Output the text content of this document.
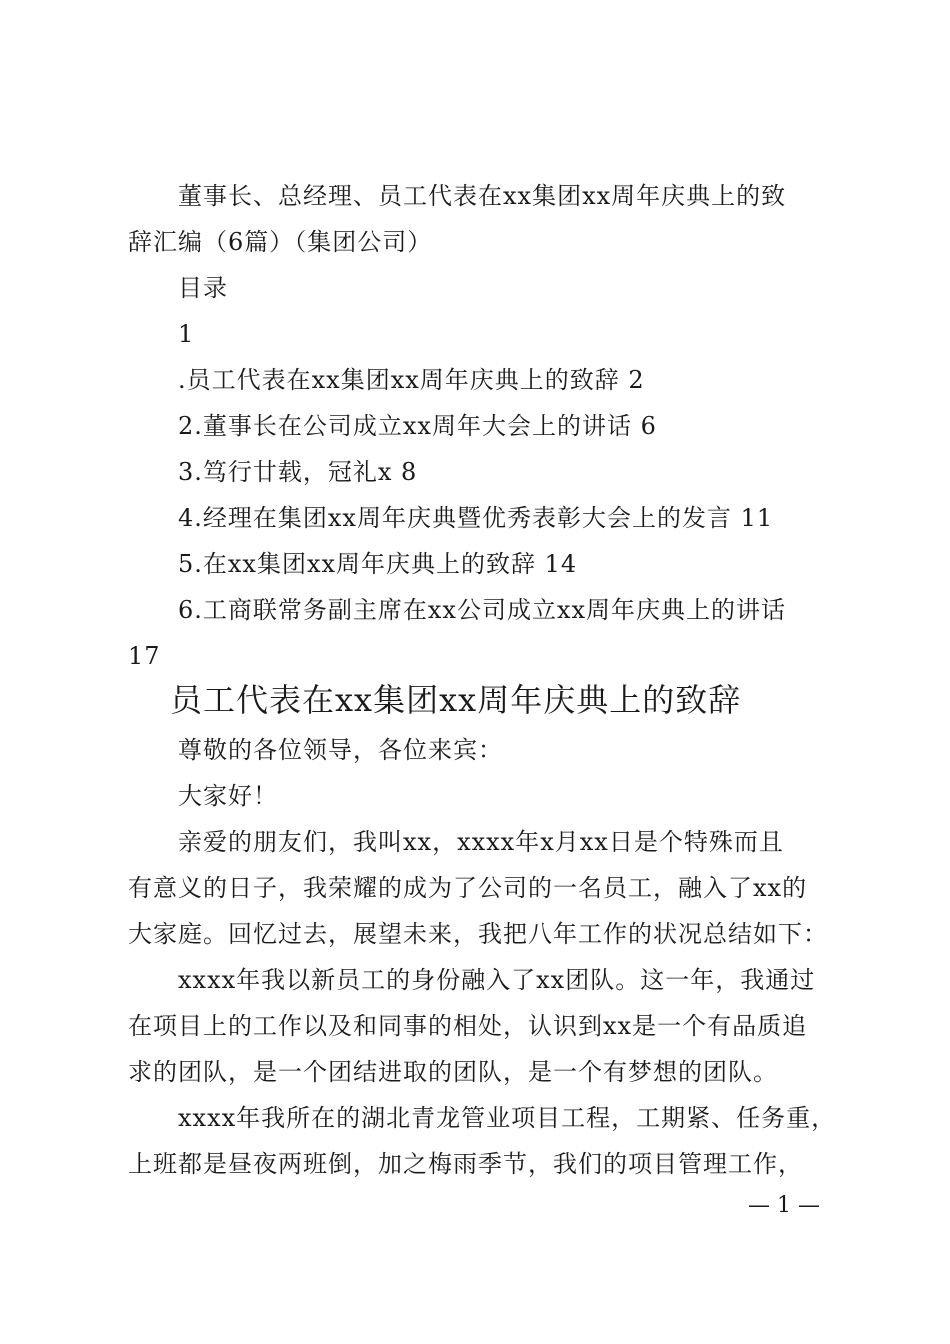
董事长、总经理、员工代表在xx集团xx周年庆典上的致
辞汇编（6篇）（集团公司）
目录
1
.员工代表在xx集团xx周年庆典上的致辞 2
2.董事长在公司成立xx周年大会上的讲话 6
3.笃行廿载，冠礼x 8
4.经理在集团xx周年庆典暨优秀表彰大会上的发言 11
5.在xx集团xx周年庆典上的致辞 14
6.工商联常务副主席在xx公司成立xx周年庆典上的讲话
17
员工代表在xx集团xx周年庆典上的致辞
尊敬的各位领导，各位来宾：
大家好！
亲爱的朋友们，我叫xx，xxxx年x月xx日是个特殊而且
有意义的日子，我荣耀的成为了公司的一名员工，融入了xx的
大家庭。回忆过去，展望未来，我把八年工作的状况总结如下：
xxxx年我以新员工的身份融入了xx团队。这一年，我通过
在项目上的工作以及和同事的相处，认识到xx是一个有品质追
求的团队，是一个团结进取的团队，是一个有梦想的团队。
xxxx年我所在的湖北青龙管业项目工程，工期紧、任务重，
上班都是昼夜两班倒，加之梅雨季节，我们的项目管理工作，
— 1 —
